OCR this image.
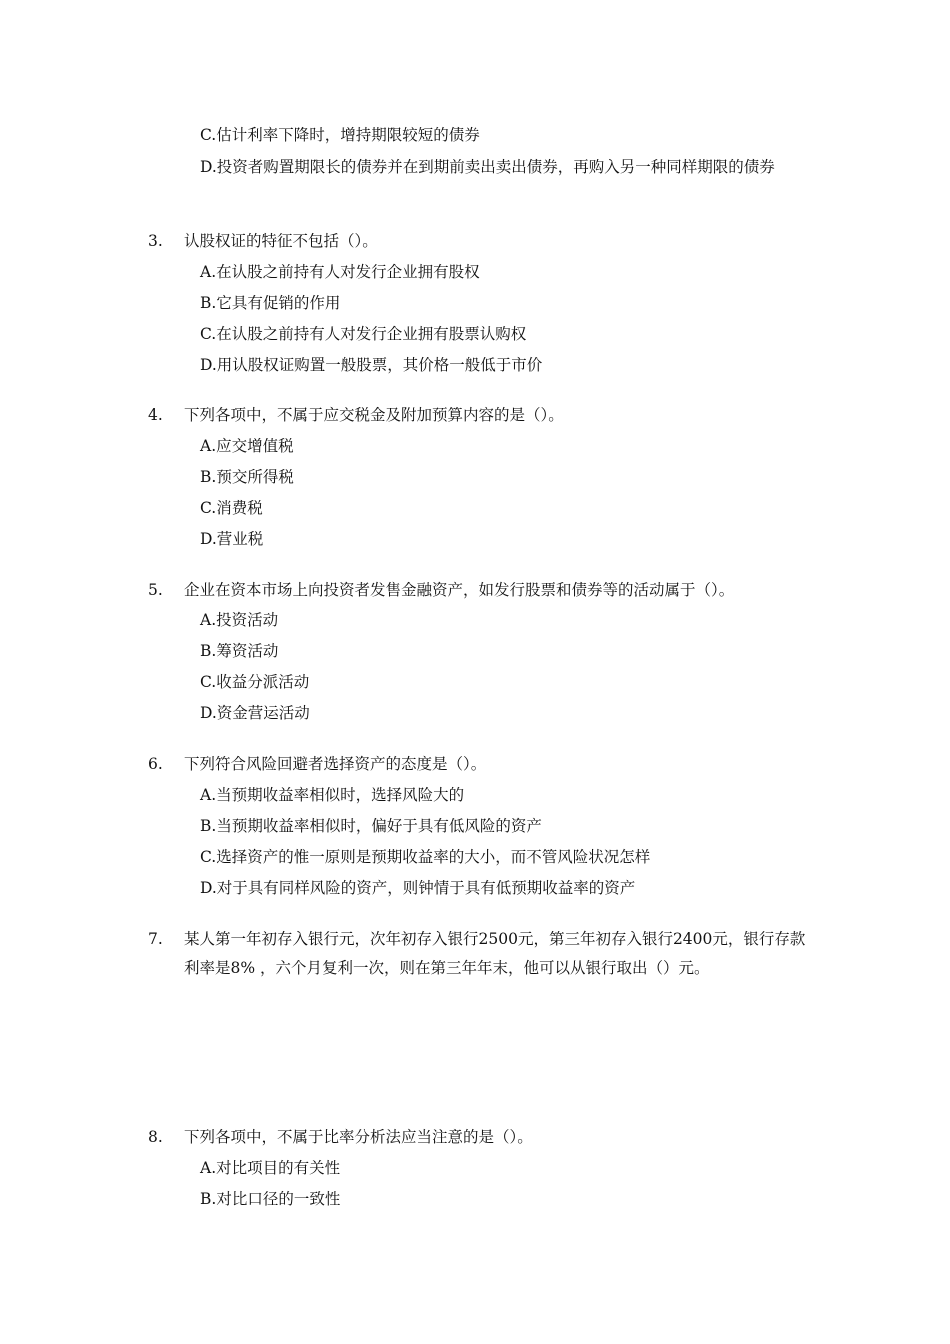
C.估计利率下降时，增持期限较短的债券
D.投资者购置期限长的债券并在到期前卖出卖出债券，再购入另一种同样期限的债券
3. 认股权证的特征不包括（）。
A.在认股之前持有人对发行企业拥有股权
B.它具有促销的作用
C.在认股之前持有人对发行企业拥有股票认购权
D.用认股权证购置一般股票，其价格一般低于市价
4. 下列各项中，不属于应交税金及附加预算内容的是（）。
A.应交增值税
B.预交所得税
C.消费税
D.营业税
5. 企业在资本市场上向投资者发售金融资产，如发行股票和债券等的活动属于（）。
A.投资活动
B.筹资活动
C.收益分派活动
D.资金营运活动
6. 下列符合风险回避者选择资产的态度是（）。
A.当预期收益率相似时，选择风险大的
B.当预期收益率相似时，偏好于具有低风险的资产
C.选择资产的惟一原则是预期收益率的大小，而不管风险状况怎样
D.对于具有同样风险的资产，则钟情于具有低预期收益率的资产
7. 某人第一年初存入银行元，次年初存入银行2500元，第三年初存入银行2400元，银行存款利率是8% ，六个月复利一次，则在第三年年末，他可以从银行取出（）元。
8. 下列各项中，不属于比率分析法应当注意的是（）。
A.对比项目的有关性
B.对比口径的一致性
